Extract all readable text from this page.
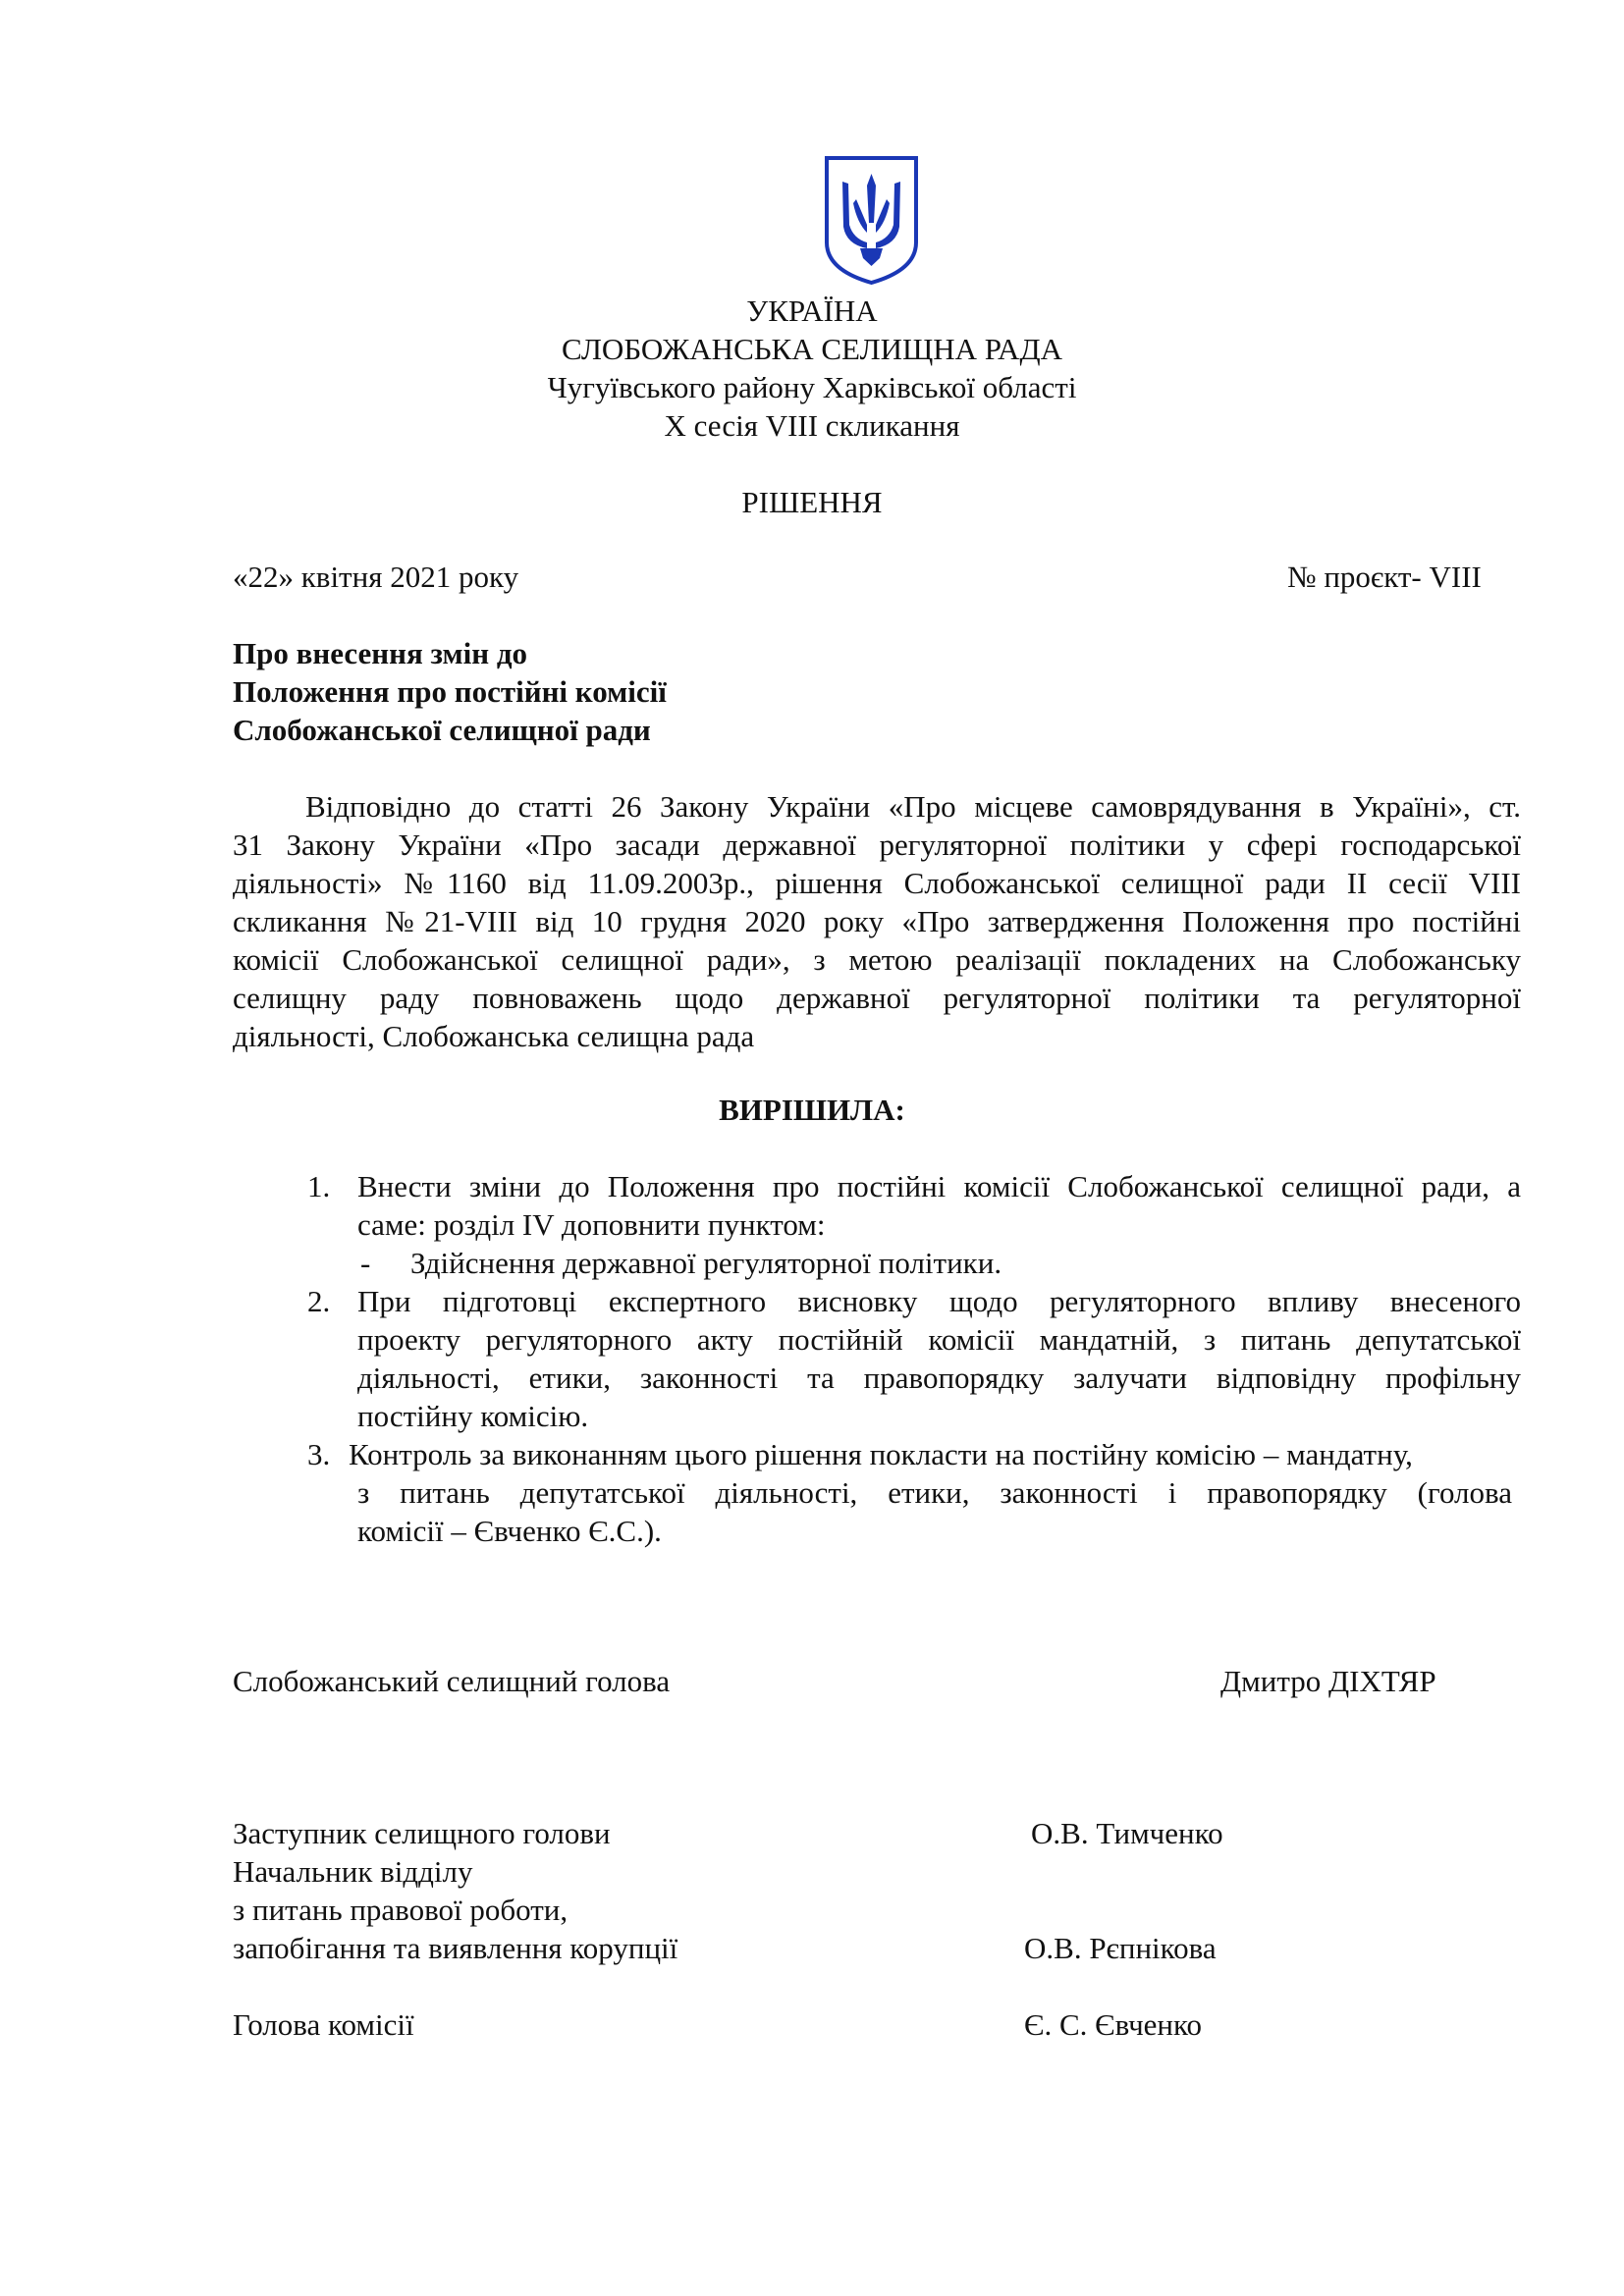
УКРАЇНА
СЛОБОЖАНСЬКА СЕЛИЩНА РАДА
Чугуївського району Харківської області
X сесія VIII скликання
РІШЕННЯ
«22» квітня 2021 року	№ проєкт- VIII
Про внесення змін до
Положення про постійні комісії
Слобожанської селищної ради
Відповідно до статті 26 Закону України «Про місцеве самоврядування в Україні», ст.
31 Закону України «Про засади державної регуляторної політики у сфері господарської
діяльності» №1160 від 11.09.2003р., рішення Слобожанської селищної ради ІІ сесії VIII
скликання №21-VIII від 10 грудня 2020 року «Про затвердження Положення про постійні
комісії Слобожанської селищної ради», з метою реалізації покладених на Слобожанську
селищну раду повноважень щодо державної регуляторної політики та регуляторної
діяльності, Слобожанська селищна рада
ВИРІШИЛА:
1. Внести зміни до Положення про постійні комісії Слобожанської селищної ради, а
саме: розділ IV доповнити пунктом:
- Здійснення державної регуляторної політики.
2. При підготовці експертного висновку щодо регуляторного впливу внесеного
проекту регуляторного акту постійній комісії мандатній, з питань депутатської
діяльності, етики, законності та правопорядку залучати відповідну профільну
постійну комісію.
3. Контроль за виконанням цього рішення покласти на постійну комісію – мандатну,
з питань депутатської діяльності, етики, законності і правопорядку (голова
комісії – Євченко Є.С.).
Слобожанський селищний голова	Дмитро ДІХТЯР
Заступник селищного голови	О.В. Тимченко
Начальник відділу
з питань правової роботи,
запобігання та виявлення корупції	О.В. Рєпнікова
Голова комісії	Є. С. Євченко
